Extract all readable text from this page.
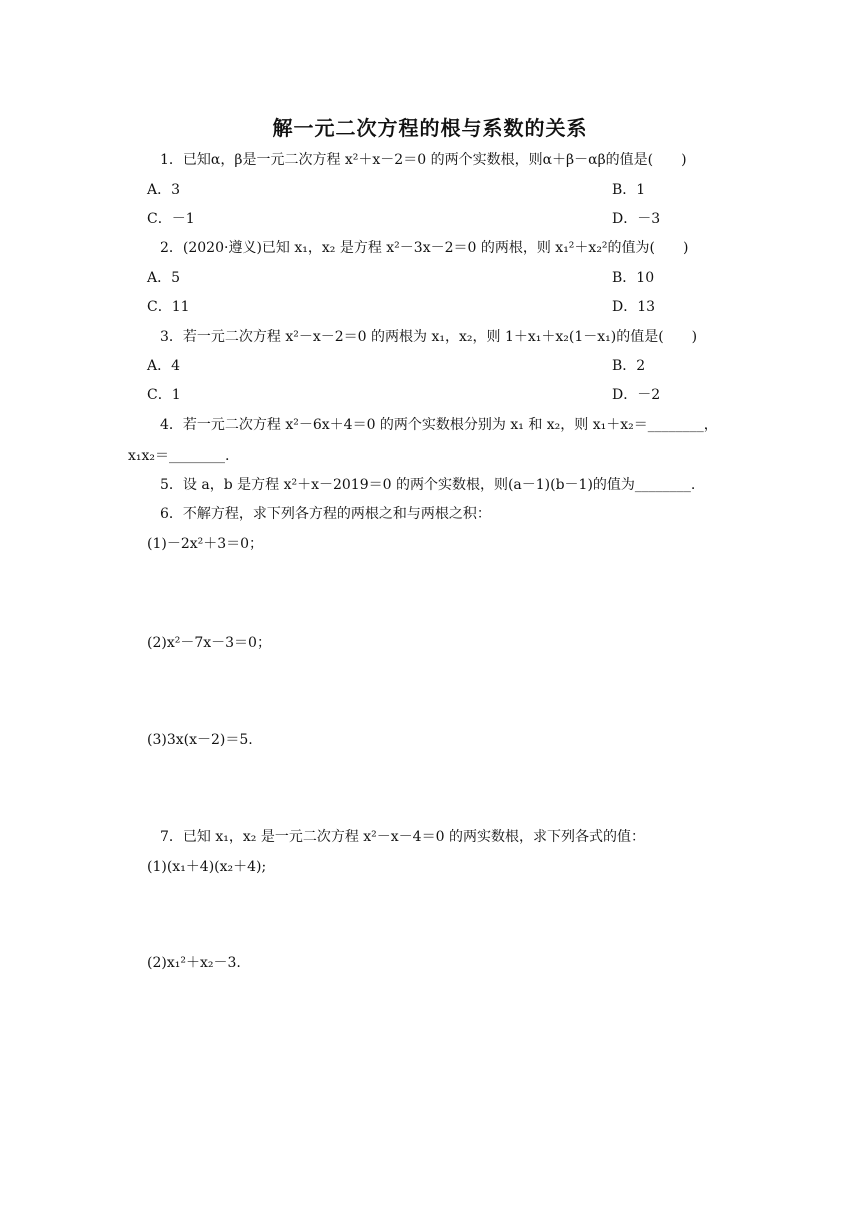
解一元二次方程的根与系数的关系
1．已知α，β是一元二次方程 x²＋x－2＝0 的两个实数根，则α＋β－αβ的值是(　　)
A．3	B．1
C．－1	D．－3
2．(2020·遵义)已知 x₁，x₂ 是方程 x²－3x－2＝0 的两根，则 x₁²＋x₂²的值为(　　)
A．5	B．10
C．11	D．13
3．若一元二次方程 x²－x－2＝0 的两根为 x₁，x₂，则 1＋x₁＋x₂(1－x₁)的值是(　　)
A．4	B．2
C．1	D．－2
4．若一元二次方程 x²－6x＋4＝0 的两个实数根分别为 x₁ 和 x₂，则 x₁＋x₂＝________，
x₁x₂＝________.
5．设 a，b 是方程 x²＋x－2019＝0 的两个实数根，则(a－1)(b－1)的值为________.
6．不解方程，求下列各方程的两根之和与两根之积：
(1)－2x²＋3＝0；
(2)x²－7x－3＝0；
(3)3x(x－2)＝5.
7．已知 x₁，x₂ 是一元二次方程 x²－x－4＝0 的两实数根，求下列各式的值：
(1)(x₁＋4)(x₂＋4);
(2)x₁²＋x₂－3.
